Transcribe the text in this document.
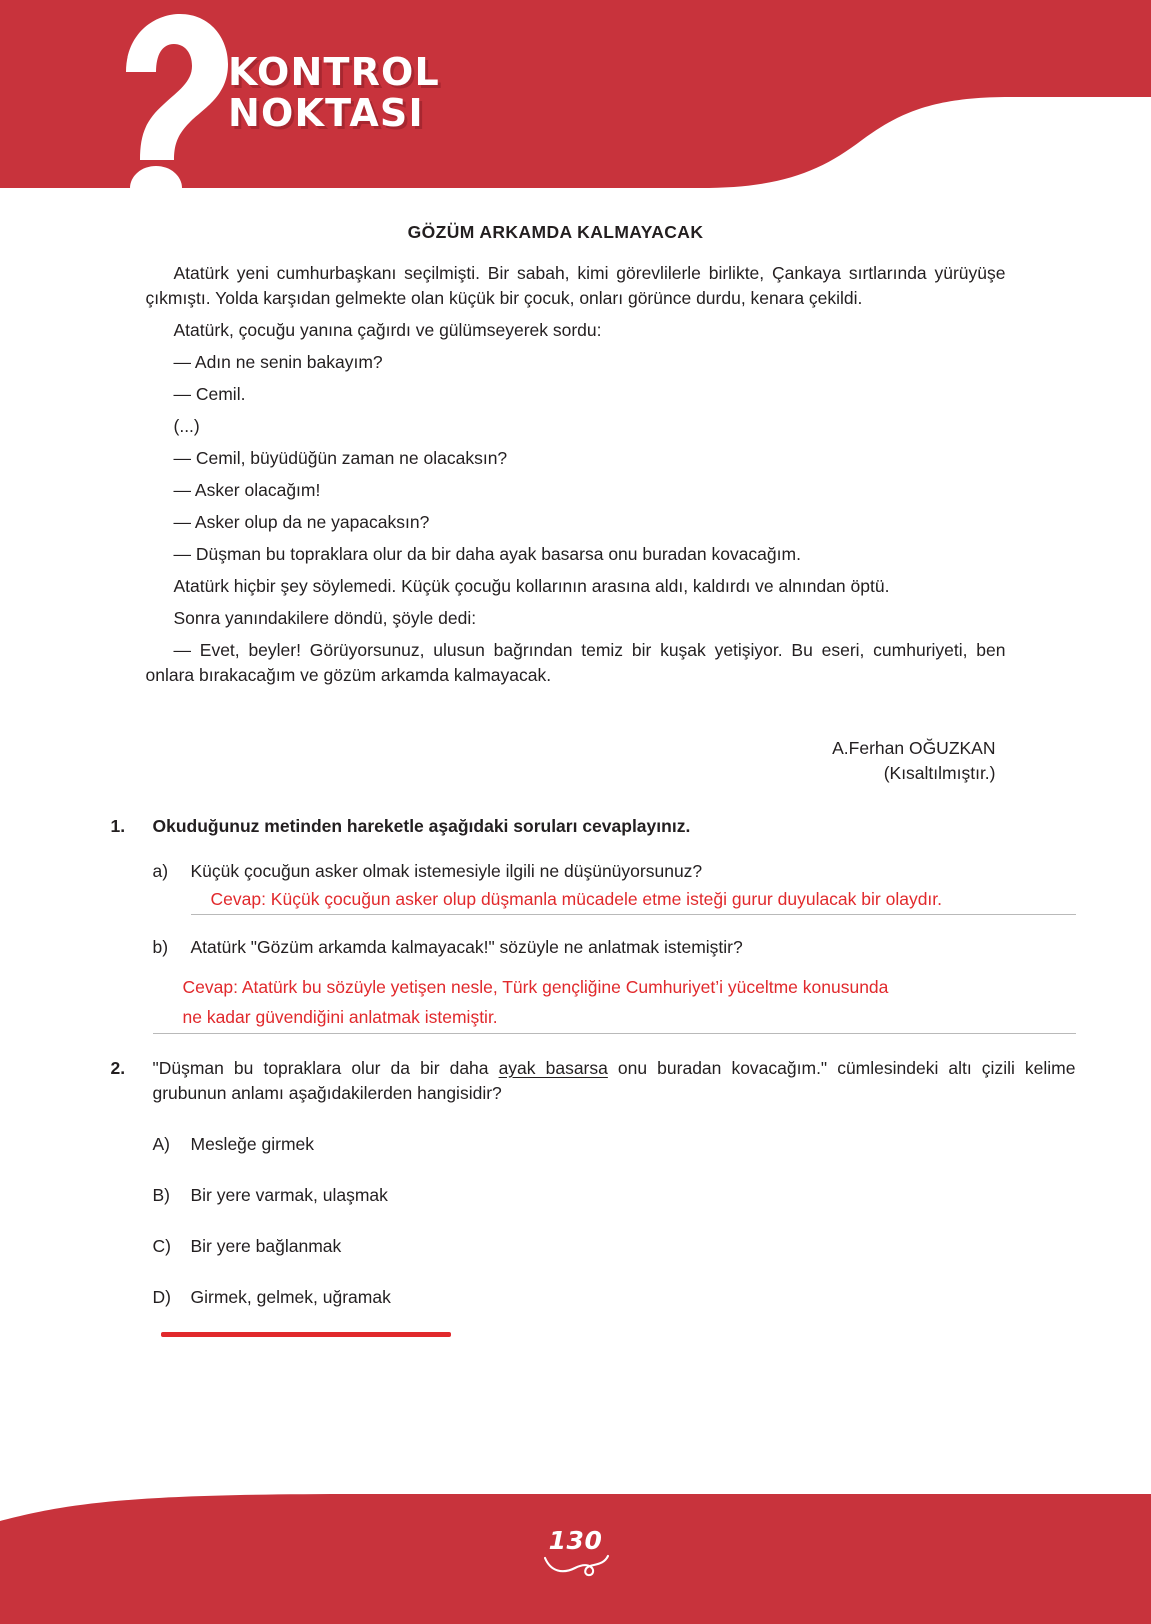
KONTROL
NOKTASI
GÖZÜM ARKAMDA KALMAYACAK

Atatürk yeni cumhurbaşkanı seçilmişti. Bir sabah, kimi görevlilerle birlikte, Çankaya sırtlarında yürüyüşe çıkmıştı. Yolda karşıdan gelmekte olan küçük bir çocuk, onları görünce durdu, kenara çekildi.

Atatürk, çocuğu yanına çağırdı ve gülümseyerek sordu:

— Adın ne senin bakayım?

— Cemil.

(...)

— Cemil, büyüdüğün zaman ne olacaksın?

— Asker olacağım!

— Asker olup da ne yapacaksın?

— Düşman bu topraklara olur da bir daha ayak basarsa onu buradan kovacağım.

Atatürk hiçbir şey söylemedi. Küçük çocuğu kollarının arasına aldı, kaldırdı ve alnından öptü.

Sonra yanındakilere döndü, şöyle dedi:

— Evet, beyler! Görüyorsunuz, ulusun bağrından temiz bir kuşak yetişiyor. Bu eseri, cumhuriyeti, ben onlara bırakacağım ve gözüm arkamda kalmayacak.

A.Ferhan OĞUZKAN
(Kısaltılmıştır.)
1.	Okuduğunuz metinden hareketle aşağıdaki soruları cevaplayınız.
a)	Küçük çocuğun asker olmak istemesiyle ilgili ne düşünüyorsunuz?
Cevap: Küçük çocuğun asker olup düşmanla mücadele etme isteği gurur duyulacak bir olaydır.
b)	Atatürk "Gözüm arkamda kalmayacak!" sözüyle ne anlatmak istemiştir?
Cevap: Atatürk bu sözüyle yetişen nesle, Türk gençliğine Cumhuriyet’i yüceltme konusunda
ne kadar güvendiğini anlatmak istemiştir.
2.	"Düşman bu topraklara olur da bir daha ayak basarsa onu buradan kovacağım." cümlesindeki altı çizili kelime grubunun anlamı aşağıdakilerden hangisidir?
A)	Mesleğe girmek
B)	Bir yere varmak, ulaşmak
C)	Bir yere bağlanmak
D)	Girmek, gelmek, uğramak
130
